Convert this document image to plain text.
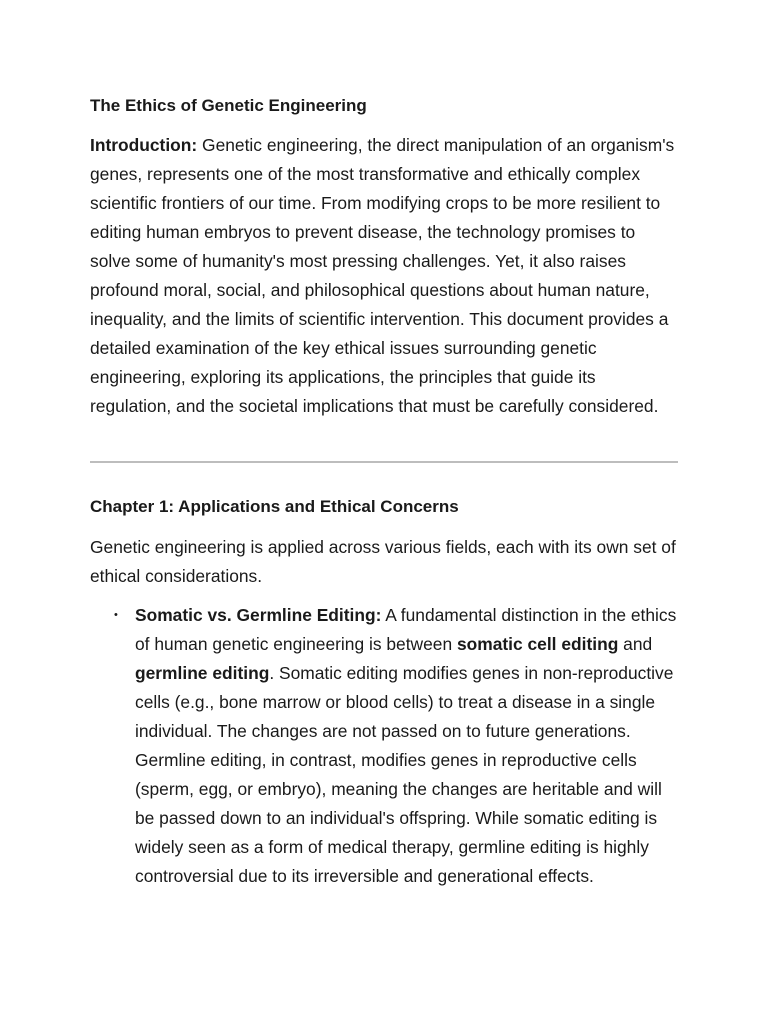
The Ethics of Genetic Engineering

Introduction: Genetic engineering, the direct manipulation of an organism's genes, represents one of the most transformative and ethically complex scientific frontiers of our time. From modifying crops to be more resilient to editing human embryos to prevent disease, the technology promises to solve some of humanity's most pressing challenges. Yet, it also raises profound moral, social, and philosophical questions about human nature, inequality, and the limits of scientific intervention. This document provides a detailed examination of the key ethical issues surrounding genetic engineering, exploring its applications, the principles that guide its regulation, and the societal implications that must be carefully considered.

Chapter 1: Applications and Ethical Concerns

Genetic engineering is applied across various fields, each with its own set of ethical considerations.

• Somatic vs. Germline Editing: A fundamental distinction in the ethics of human genetic engineering is between somatic cell editing and germline editing. Somatic editing modifies genes in non-reproductive cells (e.g., bone marrow or blood cells) to treat a disease in a single individual. The changes are not passed on to future generations. Germline editing, in contrast, modifies genes in reproductive cells (sperm, egg, or embryo), meaning the changes are heritable and will be passed down to an individual's offspring. While somatic editing is widely seen as a form of medical therapy, germline editing is highly controversial due to its irreversible and generational effects.
